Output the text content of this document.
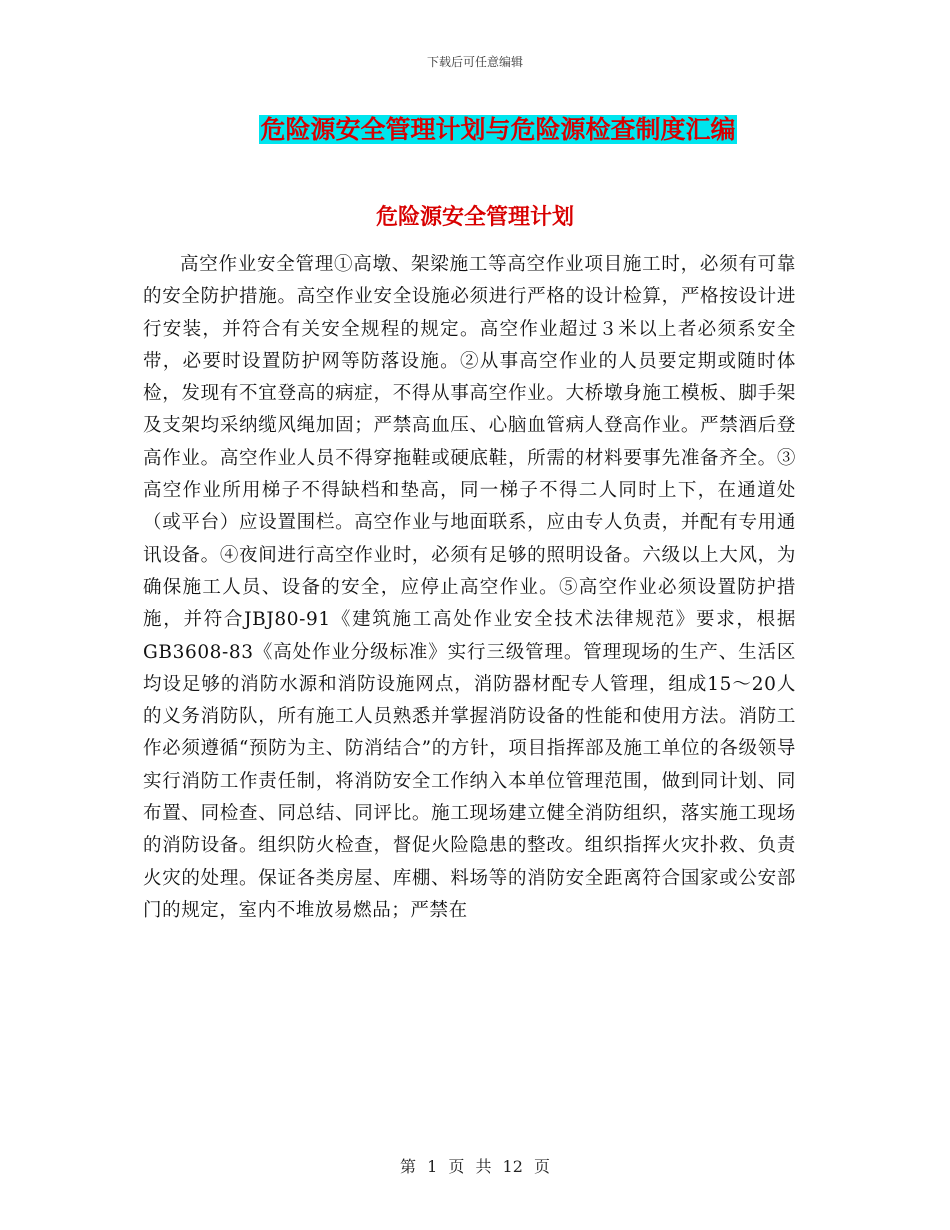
下载后可任意编辑
危险源安全管理计划与危险源检查制度汇编
危险源安全管理计划

高空作业安全管理①高墩、架梁施工等高空作业项目施工时，必须有可靠的安全防护措施。高空作业安全设施必须进行严格的设计检算，严格按设计进行安装，并符合有关安全规程的规定。高空作业超过３米以上者必须系安全带，必要时设置防护网等防落设施。②从事高空作业的人员要定期或随时体检，发现有不宜登高的病症，不得从事高空作业。大桥墩身施工模板、脚手架及支架均采纳缆风绳加固；严禁高血压、心脑血管病人登高作业。严禁酒后登高作业。高空作业人员不得穿拖鞋或硬底鞋，所需的材料要事先准备齐全。③高空作业所用梯子不得缺档和垫高，同一梯子不得二人同时上下，在通道处（或平台）应设置围栏。高空作业与地面联系，应由专人负责，并配有专用通讯设备。④夜间进行高空作业时，必须有足够的照明设备。六级以上大风，为确保施工人员、设备的安全，应停止高空作业。⑤高空作业必须设置防护措施，并符合JBJ80-91《建筑施工高处作业安全技术法律规范》要求，根据GB3608-83《高处作业分级标准》实行三级管理。管理现场的生产、生活区均设足够的消防水源和消防设施网点，消防器材配专人管理，组成15～20人的义务消防队，所有施工人员熟悉并掌握消防设备的性能和使用方法。消防工作必须遵循“预防为主、防消结合”的方针，项目指挥部及施工单位的各级领导实行消防工作责任制，将消防安全工作纳入本单位管理范围，做到同计划、同布置、同检查、同总结、同评比。施工现场建立健全消防组织，落实施工现场的消防设备。组织防火检查，督促火险隐患的整改。组织指挥火灾扑救、负责火灾的处理。保证各类房屋、库棚、料场等的消防安全距离符合国家或公安部门的规定，室内不堆放易燃品；严禁在

第 1 页 共 12 页
